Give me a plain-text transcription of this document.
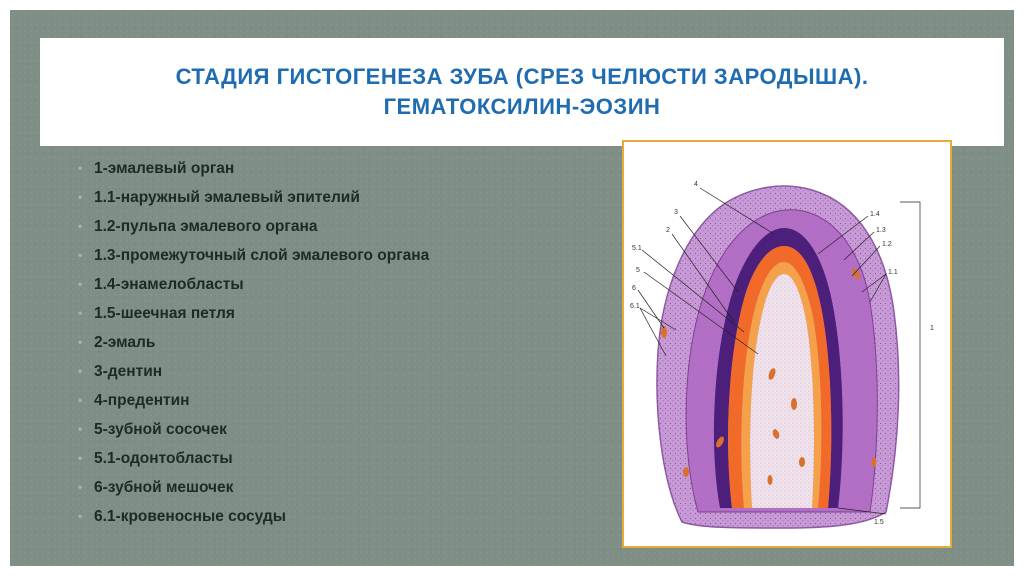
СТАДИЯ ГИСТОГЕНЕЗА ЗУБА (СРЕЗ ЧЕЛЮСТИ ЗАРОДЫША).
ГЕМАТОКСИЛИН-ЭОЗИН
• 1-эмалевый орган
• 1.1-наружный эмалевый эпителий
• 1.2-пульпа эмалевого органа
• 1.3-промежуточный слой эмалевого органа
• 1.4-энамелобласты
• 1.5-шеечная петля
• 2-эмаль
• 3-дентин
• 4-предентин
• 5-зубной сосочек
• 5.1-одонтобласты
• 6-зубной мешочек
• 6.1-кровеносные сосуды
4
3
2
5.1
5
6
6.1
1.4
1.3
1.2
1.1
1
1.5
